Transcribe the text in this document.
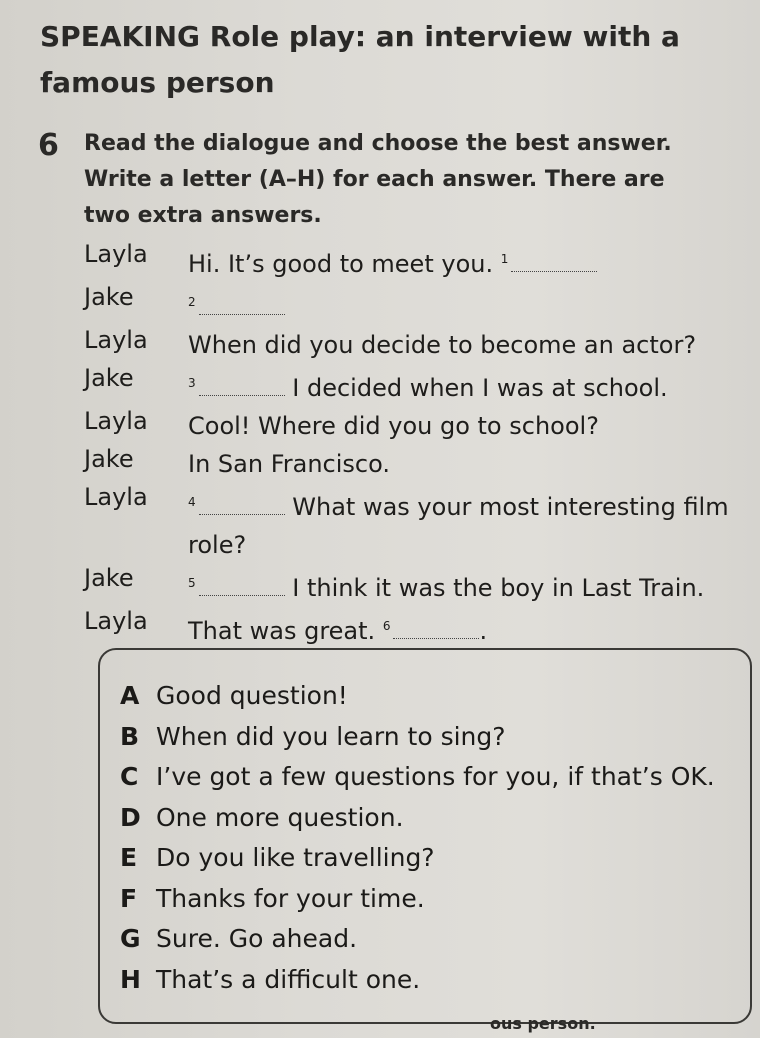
SPEAKING Role play: an interview with a famous person
6 Read the dialogue and choose the best answer. Write a letter (A–H) for each answer. There are two extra answers.
Layla	Hi. It’s good to meet you. $^1$
Jake	$^2$
Layla	When did you decide to become an actor?
Jake	$^3$	I decided when I was at school.
Layla	Cool! Where did you go to school?
Jake	In San Francisco.
Layla	$^4$	What was your most interesting film role?
Jake	$^5$	I think it was the boy in Last Train.
Layla	That was great. $^6$	.
A Good question!
B When did you learn to sing?
C I’ve got a few questions for you, if that’s OK.
D One more question.
E Do you like travelling?
F Thanks for your time.
G Sure. Go ahead.
H That’s a difficult one.
ous person.
